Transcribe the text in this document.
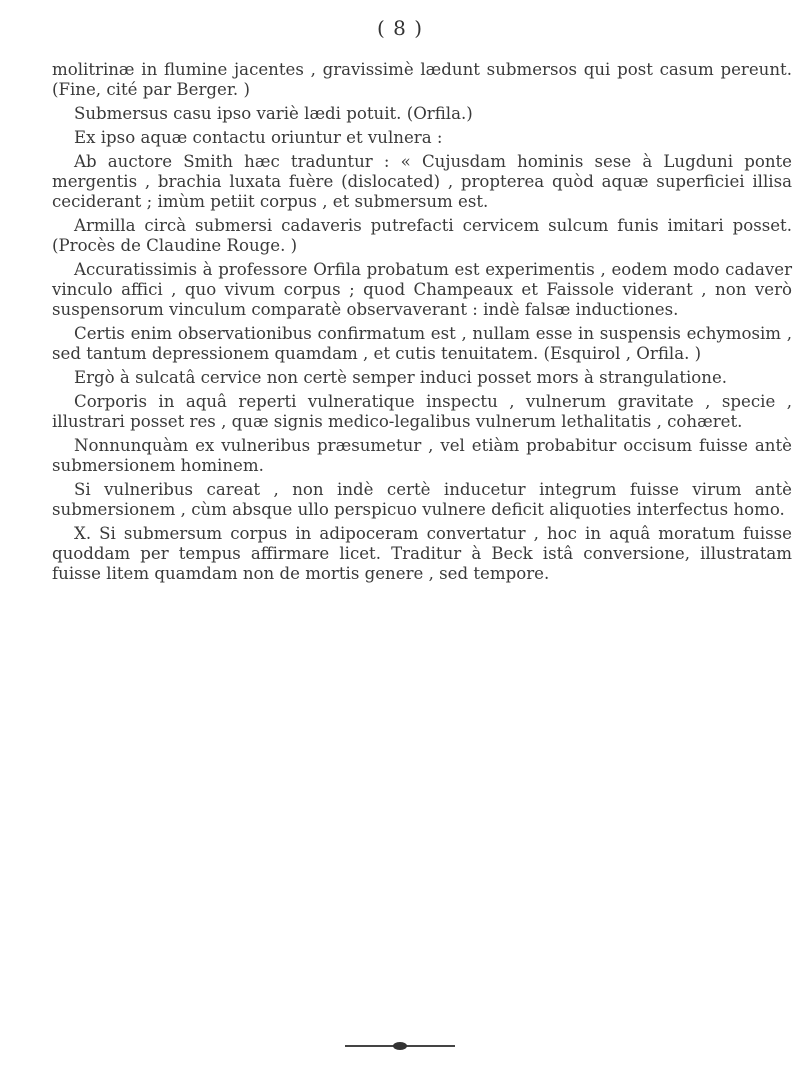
( 8 )

molitrinæ in flumine jacentes , gravissimè lædunt submersos qui post casum pereunt. (Fine, cité par Berger. )

Submersus casu ipso variè lædi potuit. (Orfila.)

Ex ipso aquæ contactu oriuntur et vulnera :

Ab auctore Smith hæc traduntur : « Cujusdam hominis sese à Lugduni ponte mergentis , brachia luxata fuère (dislocated) , propterea quòd aquæ superficiei illisa ceciderant ; imùm petiit corpus , et submersum est.

Armilla circà submersi cadaveris putrefacti cervicem sulcum funis imitari posset. (Procès de Claudine Rouge. )

Accuratissimis à professore Orfila probatum est experimentis , eodem modo cadaver vinculo affici , quo vivum corpus ; quod Champeaux et Faissole viderant , non verò suspensorum vinculum comparatè observaverant : indè falsæ inductiones.

Certis enim observationibus confirmatum est , nullam esse in suspensis echymosim , sed tantum depressionem quamdam , et cutis tenuitatem. (Esquirol , Orfila. )

Ergò à sulcatâ cervice non certè semper induci posset mors à strangulatione.

Corporis in aquâ reperti vulneratique inspectu , vulnerum gravitate , specie , illustrari posset res , quæ signis medico-legalibus vulnerum lethalitatis , cohæret.

Nonnunquàm ex vulneribus præsumetur , vel etiàm probabitur occisum fuisse antè submersionem hominem.

Si vulneribus careat , non indè certè inducetur integrum fuisse virum antè submersionem , cùm absque ullo perspicuo vulnere deficit aliquoties interfectus homo.

X. Si submersum corpus in adipoceram convertatur , hoc in aquâ moratum fuisse quoddam per tempus affirmare licet. Traditur à Beck istâ conversione, illustratam fuisse litem quamdam non de mortis genere , sed tempore.
